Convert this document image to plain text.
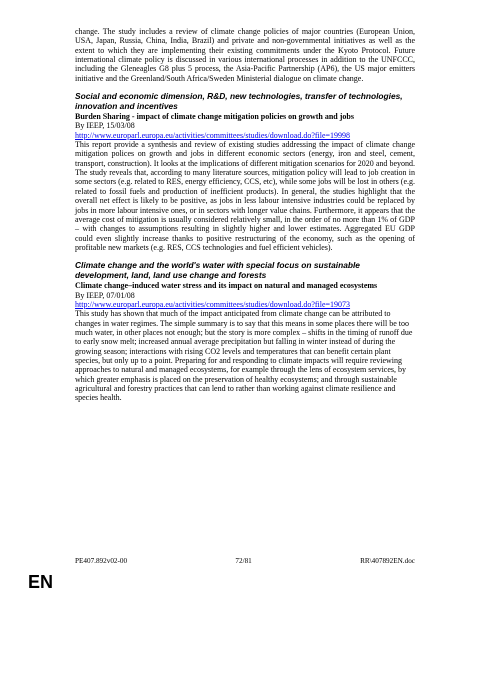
change. The study includes a review of climate change policies of major countries (European Union, USA, Japan, Russia, China, India, Brazil) and private and non-governmental initiatives as well as the extent to which they are implementing their existing commitments under the Kyoto Protocol. Future international climate policy is discussed in various international processes in addition to the UNFCCC, including the Gleneagles G8 plus 5 process, the Asia-Pacific Partnership (AP6), the US major emitters initiative and the Greenland/South Africa/Sweden Ministerial dialogue on climate change.

Social and economic dimension, R&D, new technologies, transfer of technologies, innovation and incentives

Burden Sharing - impact of climate change mitigation policies on growth and jobs

By IEEP, 15/03/08

http://www.europarl.europa.eu/activities/committees/studies/download.do?file=19998

This report provide a synthesis and review of existing studies addressing the impact of climate change mitigation polices on growth and jobs in different economic sectors (energy, iron and steel, cement, transport, construction). It looks at the implications of different mitigation scenarios for 2020 and beyond. The study reveals that, according to many literature sources, mitigation policy will lead to job creation in some sectors (e.g. related to RES, energy efficiency, CCS, etc), while some jobs will be lost in others (e.g. related to fossil fuels and production of inefficient products). In general, the studies highlight that the overall net effect is likely to be positive, as jobs in less labour intensive industries could be replaced by jobs in more labour intensive ones, or in sectors with longer value chains. Furthermore, it appears that the average cost of mitigation is usually considered relatively small, in the order of no more than 1% of GDP – with changes to assumptions resulting in slightly higher and lower estimates. Aggregated EU GDP could even slightly increase thanks to positive restructuring of the economy, such as the opening of profitable new markets (e.g. RES, CCS technologies and fuel efficient vehicles).

Climate change and the world's water with special focus on sustainable development, land, land use change and forests

Climate change–induced water stress and its impact on natural and managed ecosystems

By IEEP, 07/01/08

http://www.europarl.europa.eu/activities/committees/studies/download.do?file=19073

This study has shown that much of the impact anticipated from climate change can be attributed to changes in water regimes. The simple summary is to say that this means in some places there will be too much water, in other places not enough; but the story is more complex – shifts in the timing of runoff due to early snow melt; increased annual average precipitation but falling in winter instead of during the growing season; interactions with rising CO2 levels and temperatures that can benefit certain plant species, but only up to a point. Preparing for and responding to climate impacts will require reviewing approaches to natural and managed ecosystems, for example through the lens of ecosystem services, by which greater emphasis is placed on the preservation of healthy ecosystems; and through sustainable agricultural and forestry practices that can lend to rather than working against climate resilience and species health.

PE407.892v02-00	72/81	RR\407892EN.doc
EN
